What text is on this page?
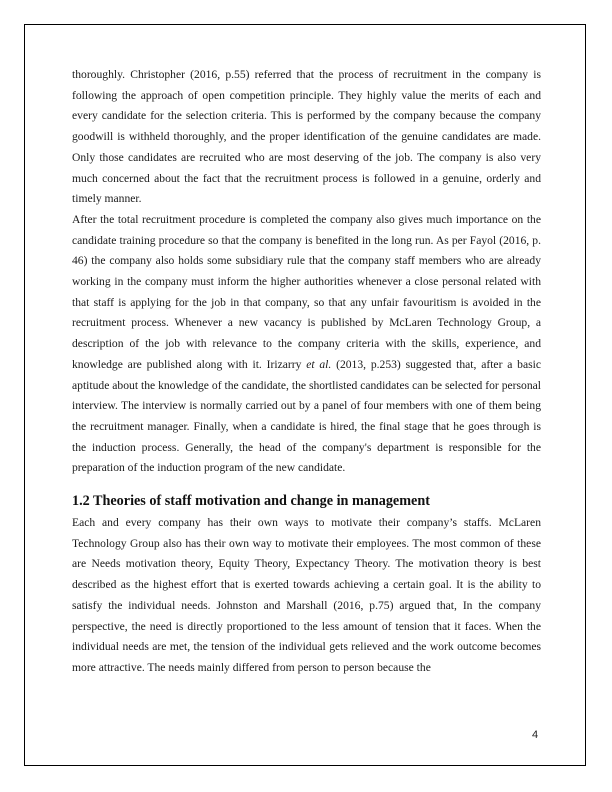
thoroughly. Christopher (2016, p.55) referred that the process of recruitment in the company is following the approach of open competition principle. They highly value the merits of each and every candidate for the selection criteria. This is performed by the company because the company goodwill is withheld thoroughly, and the proper identification of the genuine candidates are made. Only those candidates are recruited who are most deserving of the job. The company is also very much concerned about the fact that the recruitment process is followed in a genuine, orderly and timely manner.

After the total recruitment procedure is completed the company also gives much importance on the candidate training procedure so that the company is benefited in the long run. As per Fayol (2016, p. 46) the company also holds some subsidiary rule that the company staff members who are already working in the company must inform the higher authorities whenever a close personal related with that staff is applying for the job in that company, so that any unfair favouritism is avoided in the recruitment process. Whenever a new vacancy is published by McLaren Technology Group, a description of the job with relevance to the company criteria with the skills, experience, and knowledge are published along with it. Irizarry et al. (2013, p.253) suggested that, after a basic aptitude about the knowledge of the candidate, the shortlisted candidates can be selected for personal interview. The interview is normally carried out by a panel of four members with one of them being the recruitment manager. Finally, when a candidate is hired, the final stage that he goes through is the induction process. Generally, the head of the company's department is responsible for the preparation of the induction program of the new candidate.

1.2 Theories of staff motivation and change in management

Each and every company has their own ways to motivate their company’s staffs. McLaren Technology Group also has their own way to motivate their employees. The most common of these are Needs motivation theory, Equity Theory, Expectancy Theory. The motivation theory is best described as the highest effort that is exerted towards achieving a certain goal. It is the ability to satisfy the individual needs. Johnston and Marshall (2016, p.75) argued that, In the company perspective, the need is directly proportioned to the less amount of tension that it faces. When the individual needs are met, the tension of the individual gets relieved and the work outcome becomes more attractive. The needs mainly differed from person to person because the

4
